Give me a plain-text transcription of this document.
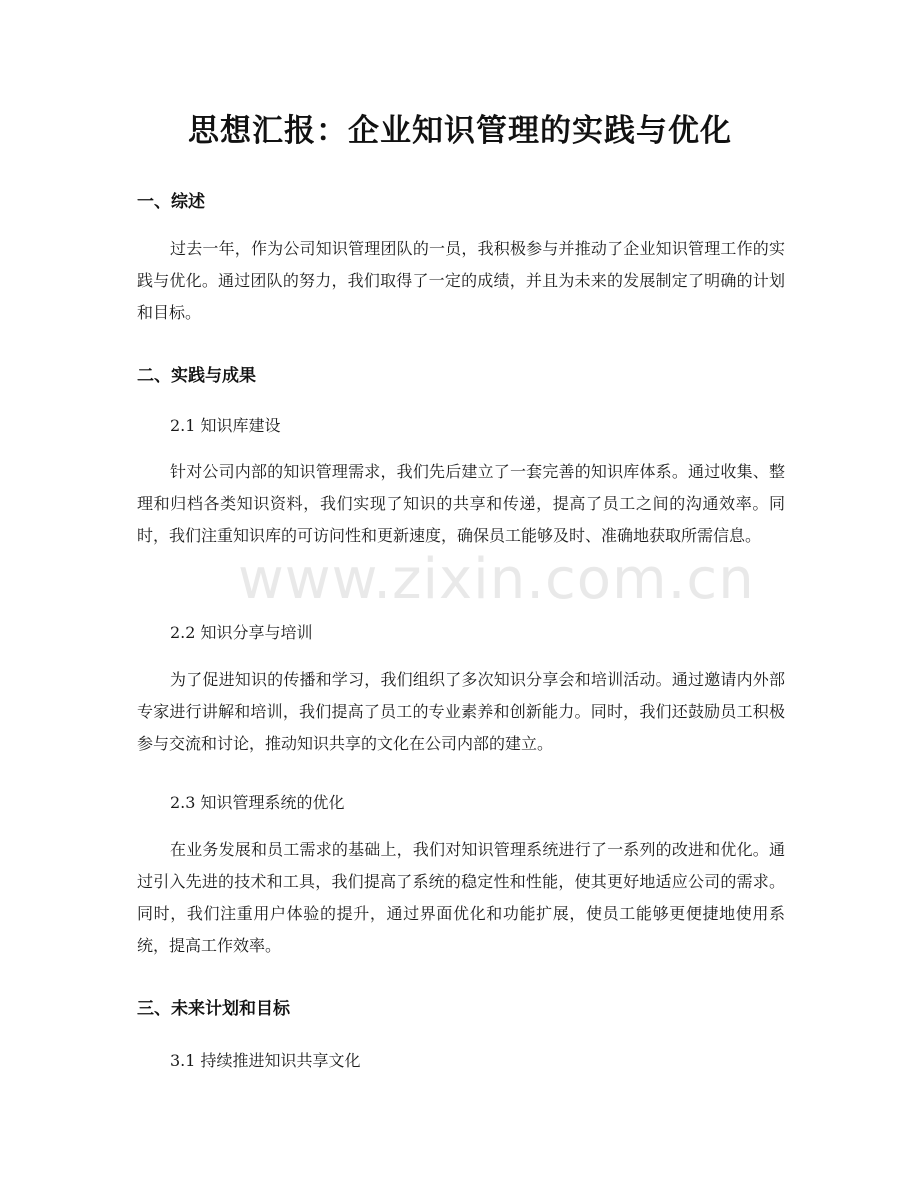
思想汇报：企业知识管理的实践与优化
一、综述

过去一年，作为公司知识管理团队的一员，我积极参与并推动了企业知识管理工作的实践与优化。通过团队的努力，我们取得了一定的成绩，并且为未来的发展制定了明确的计划和目标。

二、实践与成果
2.1 知识库建设

针对公司内部的知识管理需求，我们先后建立了一套完善的知识库体系。通过收集、整理和归档各类知识资料，我们实现了知识的共享和传递，提高了员工之间的沟通效率。同时，我们注重知识库的可访问性和更新速度，确保员工能够及时、准确地获取所需信息。

2.2 知识分享与培训

为了促进知识的传播和学习，我们组织了多次知识分享会和培训活动。通过邀请内外部专家进行讲解和培训，我们提高了员工的专业素养和创新能力。同时，我们还鼓励员工积极参与交流和讨论，推动知识共享的文化在公司内部的建立。

2.3 知识管理系统的优化

在业务发展和员工需求的基础上，我们对知识管理系统进行了一系列的改进和优化。通过引入先进的技术和工具，我们提高了系统的稳定性和性能，使其更好地适应公司的需求。同时，我们注重用户体验的提升，通过界面优化和功能扩展，使员工能够更便捷地使用系统，提高工作效率。

三、未来计划和目标
3.1 持续推进知识共享文化
www.zixin.com.cn
